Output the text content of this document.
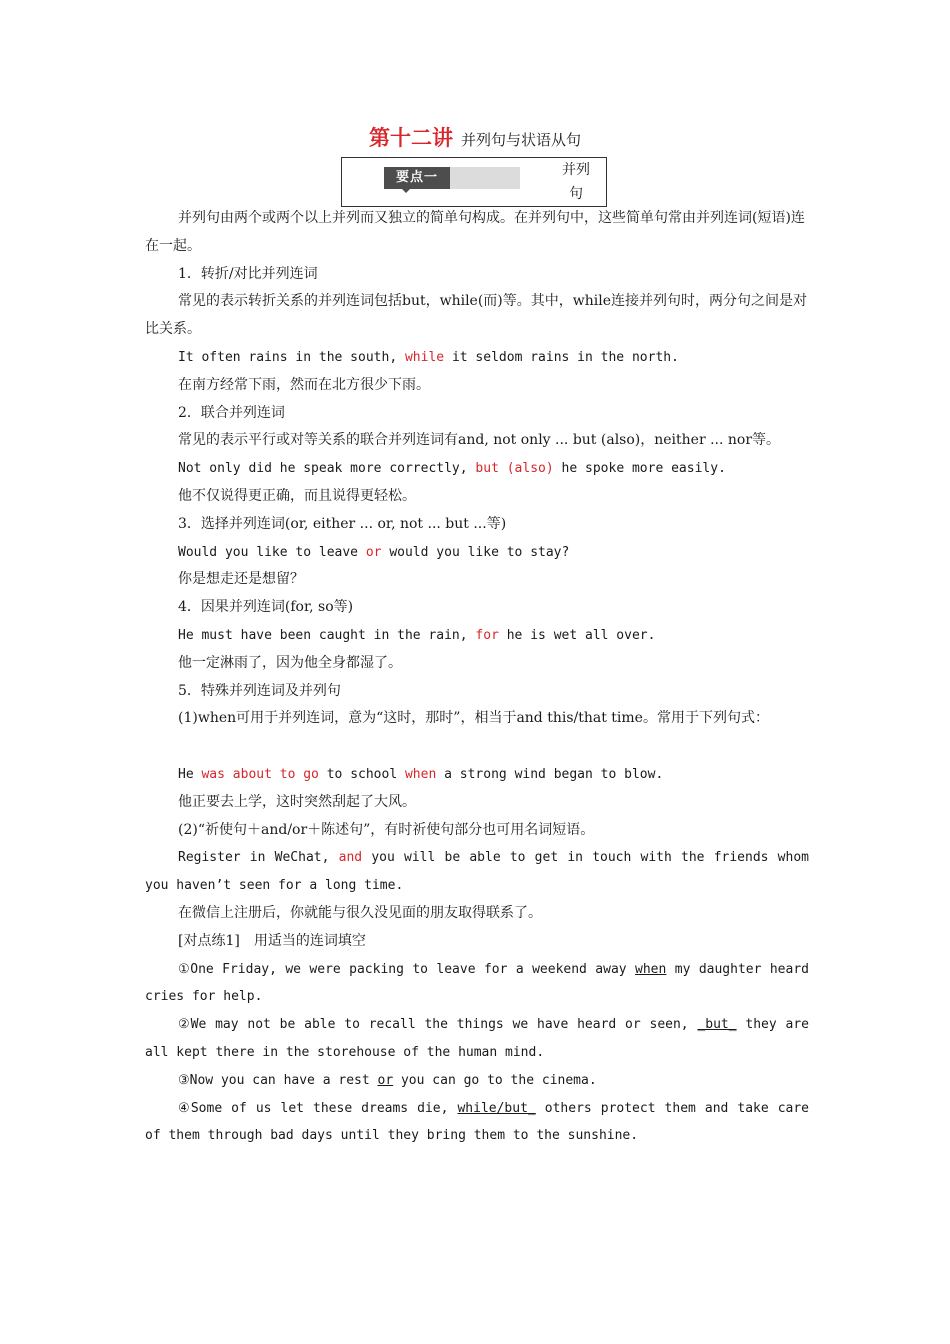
第十二讲 并列句与状语从句
要点一	并列句

并列句由两个或两个以上并列而又独立的简单句构成。在并列句中，这些简单句常由并列连词(短语)连在一起。

1．转折/对比并列连词

常见的表示转折关系的并列连词包括but，while(而)等。其中，while连接并列句时，两分句之间是对比关系。

It often rains in the south, while it seldom rains in the north.

在南方经常下雨，然而在北方很少下雨。

2．联合并列连词

常见的表示平行或对等关系的联合并列连词有and, not only ... but (also)，neither ... nor等。

Not only did he speak more correctly, but (also) he spoke more easily.

他不仅说得更正确，而且说得更轻松。

3．选择并列连词(or, either ... or, not ... but ...等)

Would you like to leave or would you like to stay?

你是想走还是想留？

4．因果并列连词(for, so等)

He must have been caught in the rain, for he is wet all over.

他一定淋雨了，因为他全身都湿了。

5．特殊并列连词及并列句

(1)when可用于并列连词，意为“这时，那时”，相当于and this/that time。常用于下列句式：

He was about to go to school when a strong wind began to blow.

他正要去上学，这时突然刮起了大风。

(2)“祈使句＋and/or＋陈述句”，有时祈使句部分也可用名词短语。

Register in WeChat, and you will be able to get in touch with the friends whom you haven’t seen for a long time.

在微信上注册后，你就能与很久没见面的朋友取得联系了。

[对点练1]　用适当的连词填空

①One Friday, we were packing to leave for a weekend away when my daughter heard cries for help.

②We may not be able to recall the things we have heard or seen, _but_ they are all kept there in the storehouse of the human mind.

③Now you can have a rest or you can go to the cinema.

④Some of us let these dreams die, while/but_ others protect them and take care of them through bad days until they bring them to the sunshine.
